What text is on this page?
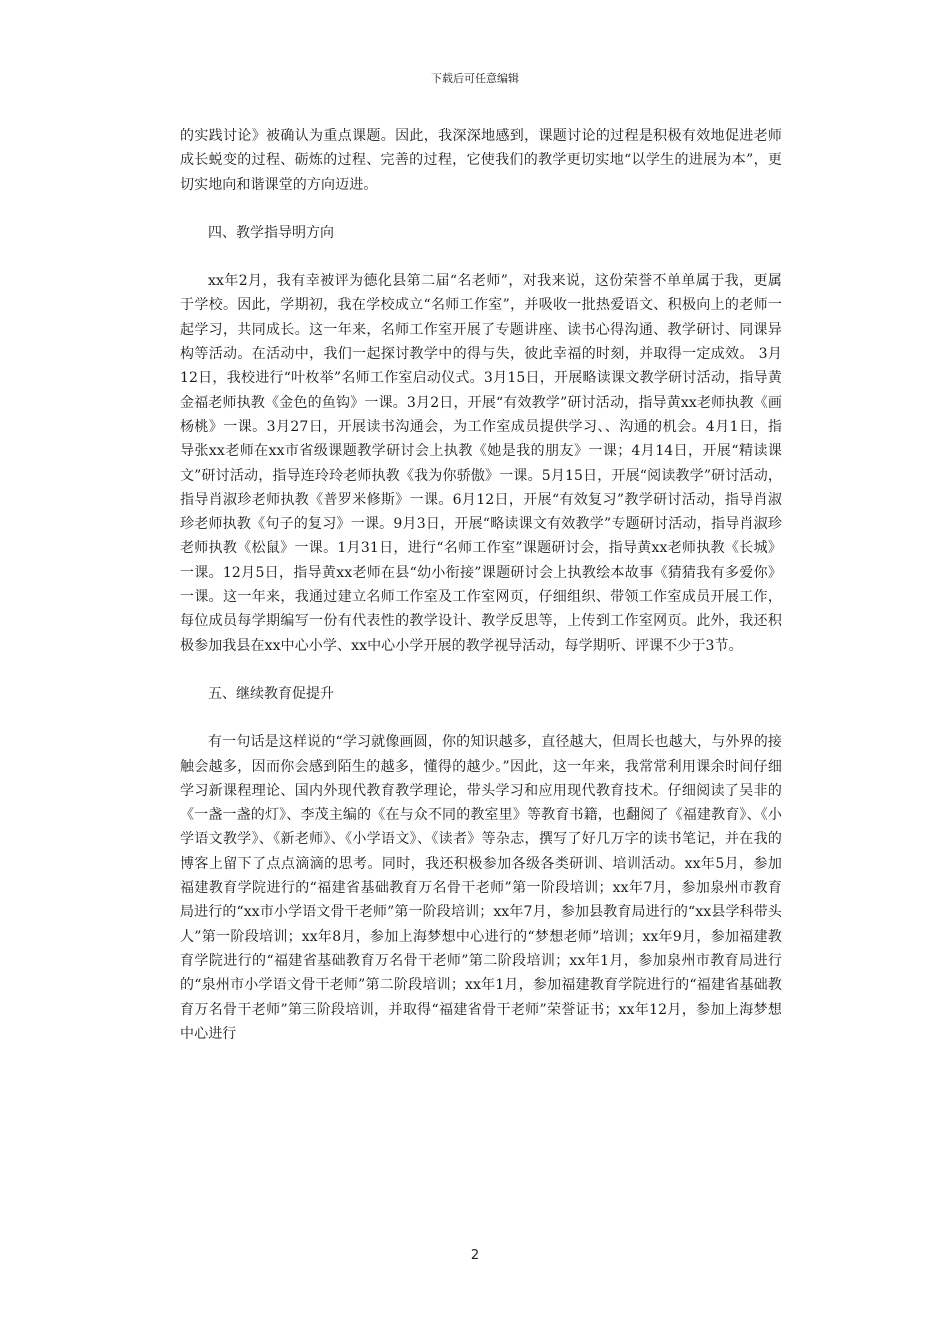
下载后可任意编辑

的实践讨论》被确认为重点课题。因此，我深深地感到，课题讨论的过程是积极有效地促进老师成长蜕变的过程、砺炼的过程、完善的过程，它使我们的教学更切实地“以学生的进展为本”，更切实地向和谐课堂的方向迈进。

四、教学指导明方向

xx年2月，我有幸被评为德化县第二届“名老师”，对我来说，这份荣誉不单单属于我，更属于学校。因此，学期初，我在学校成立“名师工作室”，并吸收一批热爱语文、积极向上的老师一起学习，共同成长。这一年来，名师工作室开展了专题讲座、读书心得沟通、教学研讨、同课异构等活动。在活动中，我们一起探讨教学中的得与失，彼此幸福的时刻，并取得一定成效。 3月12日，我校进行“叶枚举”名师工作室启动仪式。3月15日，开展略读课文教学研讨活动，指导黄金福老师执教《金色的鱼钩》一课。3月2日，开展“有效教学”研讨活动，指导黄xx老师执教《画杨桃》一课。3月27日，开展读书沟通会，为工作室成员提供学习、、沟通的机会。4月1日，指导张xx老师在xx市省级课题教学研讨会上执教《她是我的朋友》一课；4月14日，开展“精读课文”研讨活动，指导连玲玲老师执教《我为你骄傲》一课。5月15日，开展“阅读教学”研讨活动，指导肖淑珍老师执教《普罗米修斯》一课。6月12日，开展“有效复习”教学研讨活动，指导肖淑珍老师执教《句子的复习》一课。9月3日，开展“略读课文有效教学”专题研讨活动，指导肖淑珍老师执教《松鼠》一课。1月31日，进行“名师工作室”课题研讨会，指导黄xx老师执教《长城》一课。12月5日，指导黄xx老师在县“幼小衔接”课题研讨会上执教绘本故事《猜猜我有多爱你》一课。这一年来，我通过建立名师工作室及工作室网页，仔细组织、带领工作室成员开展工作，每位成员每学期编写一份有代表性的教学设计、教学反思等，上传到工作室网页。此外，我还积极参加我县在xx中心小学、xx中心小学开展的教学视导活动，每学期听、评课不少于3节。

五、继续教育促提升

有一句话是这样说的“学习就像画圆，你的知识越多，直径越大，但周长也越大，与外界的接触会越多，因而你会感到陌生的越多，懂得的越少。”因此，这一年来，我常常利用课余时间仔细学习新课程理论、国内外现代教育教学理论，带头学习和应用现代教育技术。仔细阅读了吴非的《一盏一盏的灯》、李茂主编的《在与众不同的教室里》等教育书籍，也翻阅了《福建教育》、《小学语文教学》、《新老师》、《小学语文》、《读者》等杂志，撰写了好几万字的读书笔记，并在我的博客上留下了点点滴滴的思考。同时，我还积极参加各级各类研训、培训活动。xx年5月，参加福建教育学院进行的“福建省基础教育万名骨干老师”第一阶段培训；xx年7月，参加泉州市教育局进行的“xx市小学语文骨干老师”第一阶段培训；xx年7月，参加县教育局进行的“xx县学科带头人”第一阶段培训；xx年8月，参加上海梦想中心进行的“梦想老师”培训；xx年9月，参加福建教育学院进行的“福建省基础教育万名骨干老师”第二阶段培训；xx年1月，参加泉州市教育局进行的“泉州市小学语文骨干老师”第二阶段培训；xx年1月，参加福建教育学院进行的“福建省基础教育万名骨干老师”第三阶段培训，并取得“福建省骨干老师”荣誉证书；xx年12月，参加上海梦想中心进行

2
